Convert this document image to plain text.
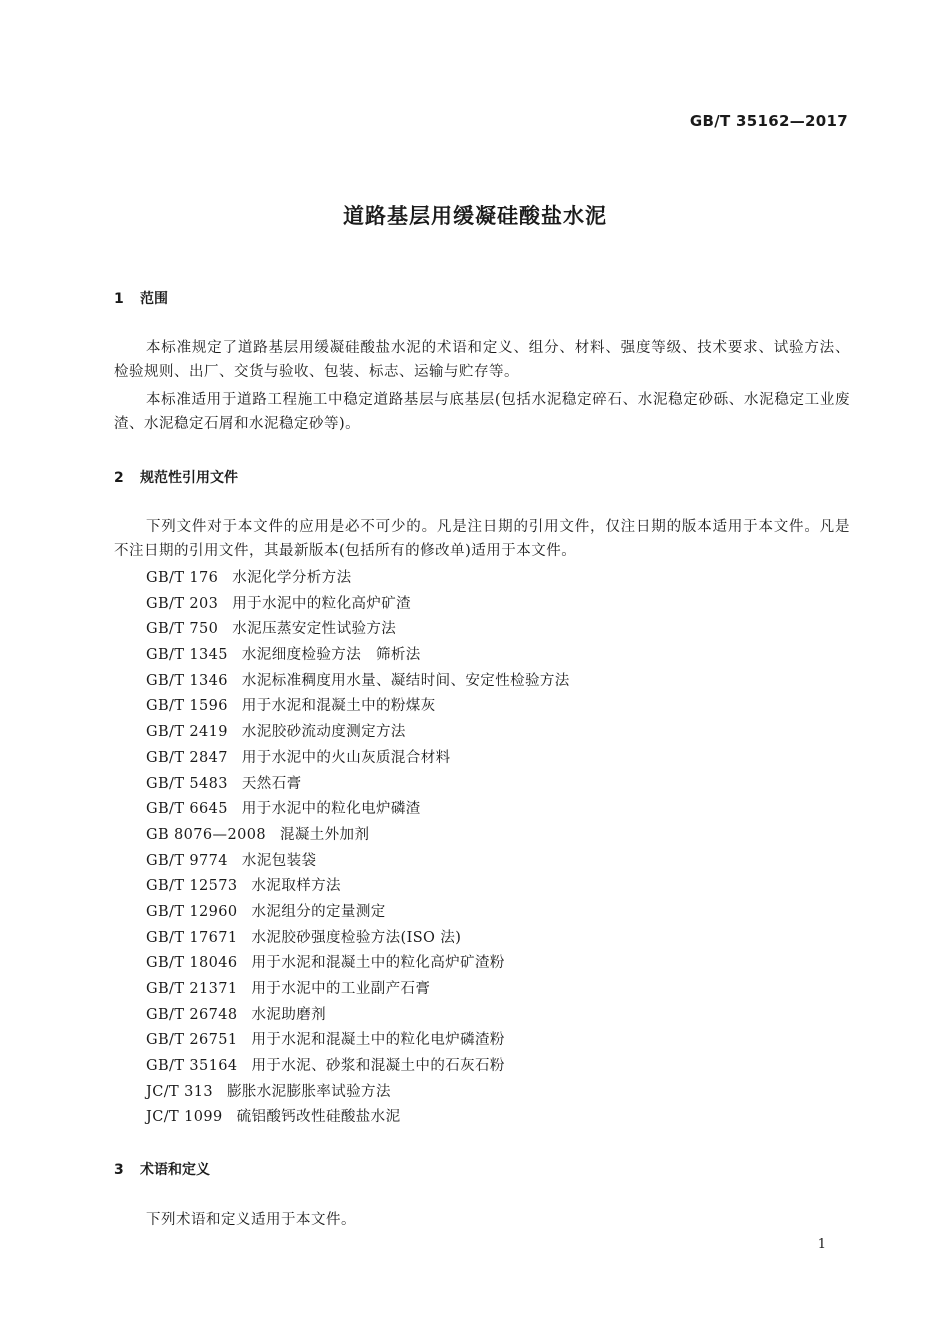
GB/T 35162—2017
道路基层用缓凝硅酸盐水泥
1 范围
本标准规定了道路基层用缓凝硅酸盐水泥的术语和定义、组分、材料、强度等级、技术要求、试验方法、检验规则、出厂、交货与验收、包装、标志、运输与贮存等。
本标准适用于道路工程施工中稳定道路基层与底基层(包括水泥稳定碎石、水泥稳定砂砾、水泥稳定工业废渣、水泥稳定石屑和水泥稳定砂等)。
2 规范性引用文件
下列文件对于本文件的应用是必不可少的。凡是注日期的引用文件，仅注日期的版本适用于本文件。凡是不注日期的引用文件，其最新版本(包括所有的修改单)适用于本文件。
GB/T 176 水泥化学分析方法
GB/T 203 用于水泥中的粒化高炉矿渣
GB/T 750 水泥压蒸安定性试验方法
GB/T 1345 水泥细度检验方法　筛析法
GB/T 1346 水泥标准稠度用水量、凝结时间、安定性检验方法
GB/T 1596 用于水泥和混凝土中的粉煤灰
GB/T 2419 水泥胶砂流动度测定方法
GB/T 2847 用于水泥中的火山灰质混合材料
GB/T 5483 天然石膏
GB/T 6645 用于水泥中的粒化电炉磷渣
GB 8076—2008 混凝土外加剂
GB/T 9774 水泥包装袋
GB/T 12573 水泥取样方法
GB/T 12960 水泥组分的定量测定
GB/T 17671 水泥胶砂强度检验方法(ISO 法)
GB/T 18046 用于水泥和混凝土中的粒化高炉矿渣粉
GB/T 21371 用于水泥中的工业副产石膏
GB/T 26748 水泥助磨剂
GB/T 26751 用于水泥和混凝土中的粒化电炉磷渣粉
GB/T 35164 用于水泥、砂浆和混凝土中的石灰石粉
JC/T 313 膨胀水泥膨胀率试验方法
JC/T 1099 硫铝酸钙改性硅酸盐水泥
3 术语和定义
下列术语和定义适用于本文件。
1
